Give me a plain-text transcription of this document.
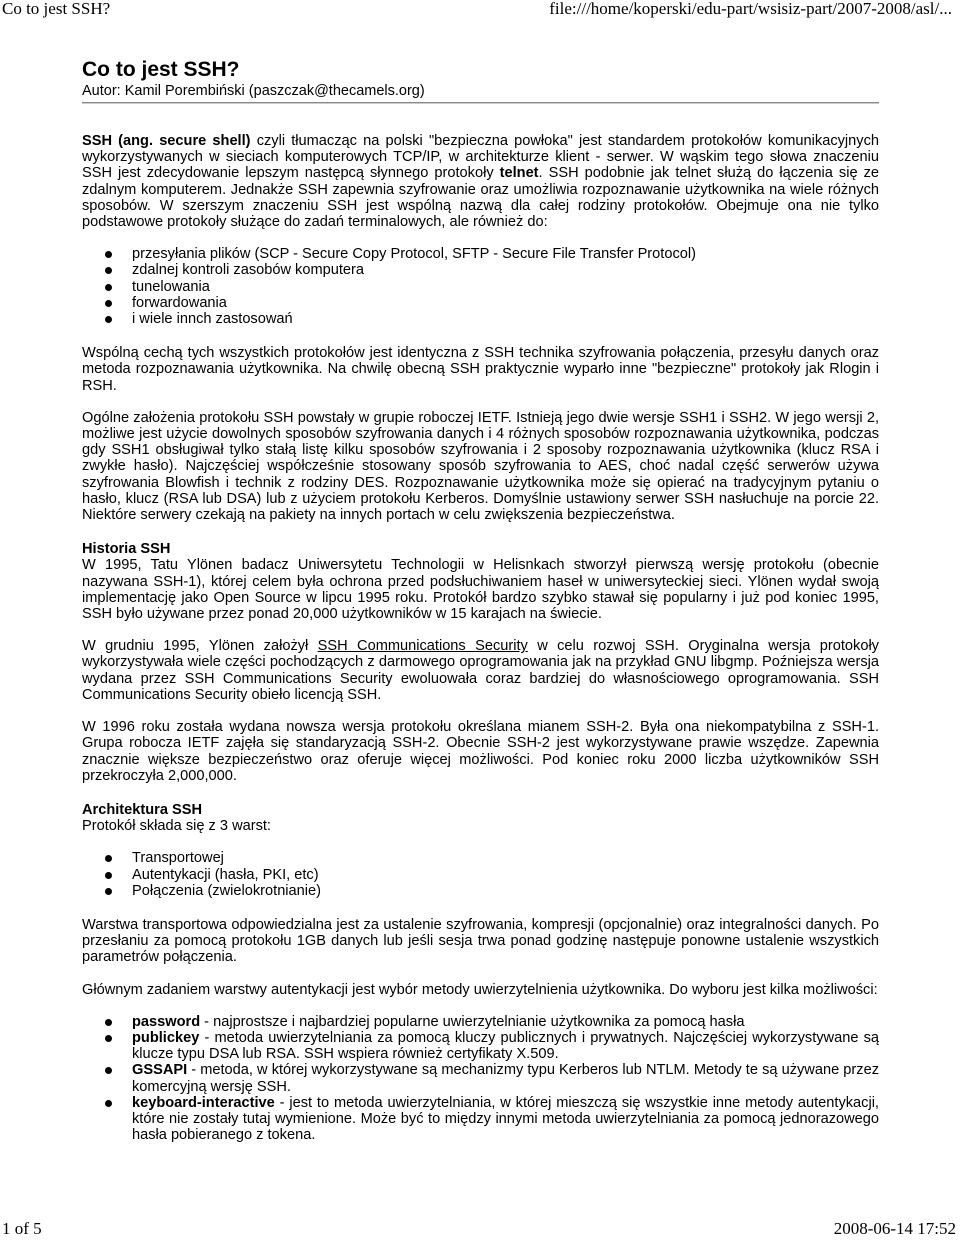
Co to jest SSH?	file:///home/koperski/edu-part/wsisiz-part/2007-2008/asl/...
Co to jest SSH?
Autor: Kamil Porembiński (paszczak@thecamels.org)

SSH (ang. secure shell) czyli tłumacząc na polski "bezpieczna powłoka" jest standardem protokołów komunikacyjnych wykorzystywanych w sieciach komputerowych TCP/IP, w architekturze klient - serwer. W wąskim tego słowa znaczeniu SSH jest zdecydowanie lepszym następcą słynnego protokoły telnet. SSH podobnie jak telnet służą do łączenia się ze zdalnym komputerem. Jednakże SSH zapewnia szyfrowanie oraz umożliwia rozpoznawanie użytkownika na wiele różnych sposobów. W szerszym znaczeniu SSH jest wspólną nazwą dla całej rodziny protokołów. Obejmuje ona nie tylko podstawowe protokoły służące do zadań terminalowych, ale również do:

przesyłania plików (SCP - Secure Copy Protocol, SFTP - Secure File Transfer Protocol)
zdalnej kontroli zasobów komputera
tunelowania
forwardowania
i wiele innch zastosowań

Wspólną cechą tych wszystkich protokołów jest identyczna z SSH technika szyfrowania połączenia, przesyłu danych oraz metoda rozpoznawania użytkownika. Na chwilę obecną SSH praktycznie wyparło inne "bezpieczne" protokoły jak Rlogin i RSH.

Ogólne założenia protokołu SSH powstały w grupie roboczej IETF. Istnieją jego dwie wersje SSH1 i SSH2. W jego wersji 2, możliwe jest użycie dowolnych sposobów szyfrowania danych i 4 różnych sposobów rozpoznawania użytkownika, podczas gdy SSH1 obsługiwał tylko stałą listę kilku sposobów szyfrowania i 2 sposoby rozpoznawania użytkownika (klucz RSA i zwykłe hasło). Najczęściej współcześnie stosowany sposób szyfrowania to AES, choć nadal część serwerów używa szyfrowania Blowfish i technik z rodziny DES. Rozpoznawanie użytkownika może się opierać na tradycyjnym pytaniu o hasło, klucz (RSA lub DSA) lub z użyciem protokołu Kerberos. Domyślnie ustawiony serwer SSH nasłuchuje na porcie 22. Niektóre serwery czekają na pakiety na innych portach w celu zwiększenia bezpieczeństwa.

Historia SSH

W 1995, Tatu Ylönen badacz Uniwersytetu Technologii w Helisnkach stworzył pierwszą wersję protokołu (obecnie nazywana SSH-1), której celem była ochrona przed podsłuchiwaniem haseł w uniwersyteckiej sieci. Ylönen wydał swoją implementację jako Open Source w lipcu 1995 roku. Protokół bardzo szybko stawał się popularny i już pod koniec 1995, SSH było używane przez ponad 20,000 użytkowników w 15 karajach na świecie.

W grudniu 1995, Ylönen założył SSH Communications Security w celu rozwoj SSH. Oryginalna wersja protokoły wykorzystywała wiele części pochodzących z darmowego oprogramowania jak na przykład GNU libgmp. Poźniejsza wersja wydana przez SSH Communications Security ewoluowała coraz bardziej do własnościowego oprogramowania. SSH Communications Security obieło licencją SSH.

W 1996 roku została wydana nowsza wersja protokołu określana mianem SSH-2. Była ona niekompatybilna z SSH-1. Grupa robocza IETF zajęła się standaryzacją SSH-2. Obecnie SSH-2 jest wykorzystywane prawie wszędze. Zapewnia znacznie większe bezpieczeństwo oraz oferuje więcej możliwości. Pod koniec roku 2000 liczba użytkowników SSH przekroczyła 2,000,000.

Architektura SSH

Protokół składa się z 3 warst:

Transportowej
Autentykacji (hasła, PKI, etc)
Połączenia (zwielokrotnianie)

Warstwa transportowa odpowiedzialna jest za ustalenie szyfrowania, kompresji (opcjonalnie) oraz integralności danych. Po przesłaniu za pomocą protokołu 1GB danych lub jeśli sesja trwa ponad godzinę następuje ponowne ustalenie wszystkich parametrów połączenia.

Głównym zadaniem warstwy autentykacji jest wybór metody uwierzytelnienia użytkownika. Do wyboru jest kilka możliwości:

password - najprostsze i najbardziej popularne uwierzytelnianie użytkownika za pomocą hasła
publickey - metoda uwierzytelniania za pomocą kluczy publicznych i prywatnych. Najczęściej wykorzystywane są klucze typu DSA lub RSA. SSH wspiera również certyfikaty X.509.
GSSAPI - metoda, w której wykorzystywane są mechanizmy typu Kerberos lub NTLM. Metody te są używane przez komercyjną wersję SSH.
keyboard-interactive - jest to metoda uwierzytelniania, w której mieszczą się wszystkie inne metody autentykacji, które nie zostały tutaj wymienione. Może być to między innymi metoda uwierzytelniania za pomocą jednorazowego hasła pobieranego z tokena.
1 of 5	2008-06-14 17:52
